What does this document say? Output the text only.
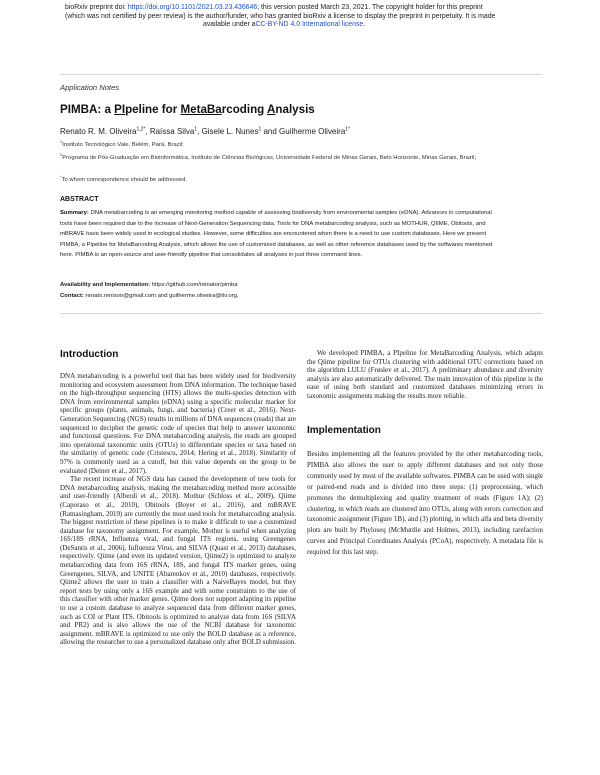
bioRxiv preprint doi: https://doi.org/10.1101/2021.03.23.436646; this version posted March 23, 2021. The copyright holder for this preprint
(which was not certified by peer review) is the author/funder, who has granted bioRxiv a license to display the preprint in perpetuity. It is made
available under aCC-BY-ND 4.0 International license.
Application Notes
PIMBA: a PIpeline for MetaBarcoding Analysis
Renato R. M. Oliveira$^{1,2*}$, Raíssa Silva$^1$, Gisele L. Nunes$^1$ and Guilherme Oliveira$^{1*}$
$^1$Instituto Tecnológico Vale, Belém, Pará, Brazil;
$^2$Programa de Pós-Graduação em Bioinformática, Instituto de Ciências Biológicas, Universidade Federal de Minas Gerais, Belo Horizonte, Minas Gerais, Brazil;
*To whom correspondence should be addressed.
ABSTRACT
Summary: DNA metabarcoding is an emerging monitoring method capable of assessing biodiversity from environmental samples (eDNA). Advances in computational tools have been required due to the increase of Next-Generation Sequencing data. Tools for DNA metabarcoding analysis, such as MOTHUR, QIIME, Obitools, and mBRAVE have been widely used in ecological studies. However, some difficulties are encountered when there is a need to use custom databases. Here we present PIMBA, a Pipeline for MetaBarcoding Analysis, which allows the use of customized databases, as well as other reference databases used by the softwares mentioned here. PIMBA is an open-source and user-friendly pipeline that consolidates all analyses in just three command lines.
Availability and Implementation: https://github.com/reinator/pimba
Contact: renato.renison@gmail.com and guilherme.oliveira@itv.org.
Introduction

DNA metabarcoding is a powerful tool that has been widely used for biodiversity monitoring and ecosystem assessment from DNA information. The technique based on the high-throughput sequencing (HTS) allows the multi-species detection with DNA from environmental samples (eDNA) using a specific molecular marker for specific groups (plants, animals, fungi, and bacteria) (Creer et al., 2016). Next-Generation Sequencing (NGS) results in millions of DNA sequences (reads) that are sequenced to decipher the genetic code of species that help to answer taxonomic and functional questions. For DNA metabarcoding analysis, the reads are grouped into operational taxonomic units (OTUs) to differentiate species or taxa based on the similarity of genetic code (Cristescu, 2014; Hering et al., 2018). Similarity of 97% is commonly used as a cutoff, but this value depends on the group to be evaluated (Deiner et al., 2017).

The recent increase of NGS data has caused the development of new tools for DNA metabarcoding analysis, making the metabarcoding method more accessible and user-friendly (Alberdi et al., 2018). Mothur (Schloss et al., 2009), Qiime (Caporaso et al., 2010), Obitools (Boyer et al., 2016), and mBRAVE (Ratnasingham, 2019) are currently the most used tools for metabarcoding analysis. The biggest restriction of these pipelines is to make it difficult to use a customized database for taxonomy assignment. For example, Mothur is useful when analyzing 16S/18S rRNA, Influenza viral, and fungal ITS regions, using Greengenes (DeSantis et al., 2006), Influenza Virus, and SILVA (Quast et al., 2013) databases, respectively. Qiime (and even its updated version, Qiime2) is optimized to analyze metabarcoding data from 16S rRNA, 18S, and fungal ITS marker genes, using Greengenes, SILVA, and UNITE (Abarenkov et al., 2010) databases, respectively. Qiime2 allows the user to train a classifier with a NaiveBayes model, but they report tests by using only a 16S example and with some constraints to the use of this classifier with other marker genes. Qiime does not support adapting its pipeline to use a custom database to analyze sequenced data from different marker genes, such as COI or Plant ITS. Obitools is optimized to analyze data from 16S (SILVA and PR2) and is also allows the use of the NCBI database for taxonomic assignment. mBRAVE is optimized to use only the BOLD database as a reference, allowing the researcher to use a personalized database only after BOLD submission.

We developed PIMBA, a PIpeline for MetaBarcoding Analysis, which adapts the Qiime pipeline for OTUs clustering with additional OTU corrections based on the algorithm LULU (Frøslev et al., 2017). A preliminary abundance and diversity analysis are also automatically delivered. The main innovation of this pipeline is the ease of using both standard and customized databases minimizing errors in taxonomic assignments making the results more reliable.

Implementation

Besides implementing all the features provided by the other metabarcoding tools, PIMBA also allows the user to apply different databases and not only those commonly used by most of the available softwares. PIMBA can be used with single or paired-end reads and is divided into three steps: (1) preprocessing, which promotes the demultiplexing and quality treatment of reads (Figure 1A); (2) clustering, in which reads are clustered into OTUs, along with errors correction and taxonomic assignment (Figure 1B), and (3) plotting, in which alfa and beta diversity plots are built by Phyloseq (McMurdie and Holmes, 2013), including rarefaction curves and Principal Coordinates Analysis (PCoA), respectively. A metadata file is required for this last step.
